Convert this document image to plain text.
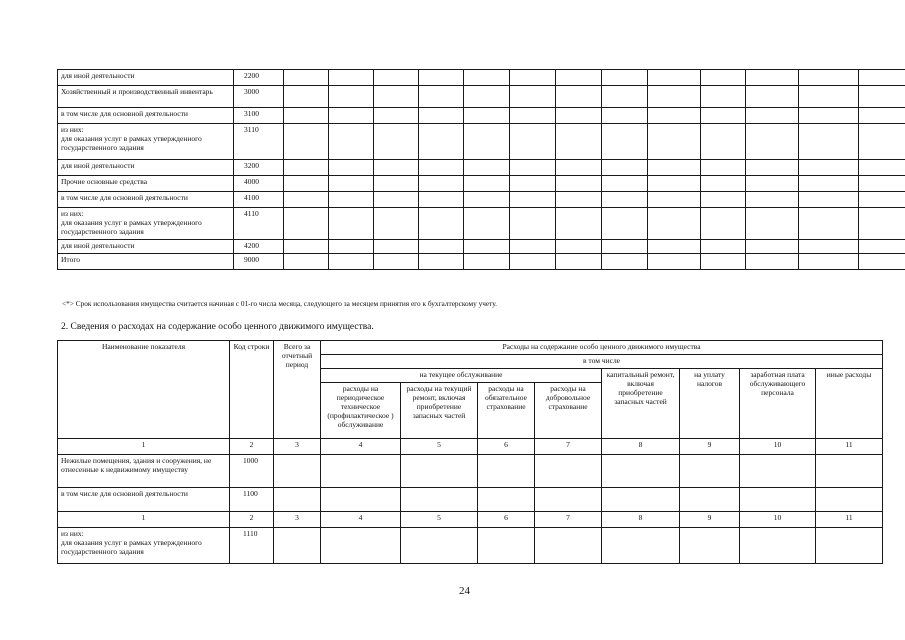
для иной деятельности	2200													
Хозяйственный и производственный инвентарь	3000													
в том числе для основной деятельности	3100													
из них:
для оказания услуг в рамках утвержденного государственного задания	3110													
для иной деятельности	3200													
Прочие основные средства	4000													
в том числе для основной деятельности	4100													
из них:
для оказания услуг в рамках утвержденного государственного задания	4110													
для иной деятельности	4200													
Итого	9000													
<*> Срок использования имущества считается начиная с 01-го числа месяца, следующего за месяцем принятия его к бухгалтерскому учету.
2. Сведения о расходах на содержание особо ценного движимого имущества.
Наименование показателя	Код строки	Всего за отчетный период	Расходы на содержание особо ценного движимого имущества							
			в том числе							
			на текущее обслуживание				капитальный ремонт, включая приобретение запасных частей	на уплату налогов	заработная плата обслуживающего персонала	иные расходы
			расходы на периодическое техническое (профилактическое ) обслуживание	расходы на текущий ремонт, включая приобретение запасных частей	расходы на обязательное страхование	расходы на добровольное страхование				
1	2	3	4	5	6	7	8	9	10	11
Нежилые помещения, здания и сооружения, не отнесенные к недвижимому имуществу	1000									
в том числе для основной деятельности	1100									
1	2	3	4	5	6	7	8	9	10	11
из них:
для оказания услуг в рамках утвержденного государственного задания	1110									
24
